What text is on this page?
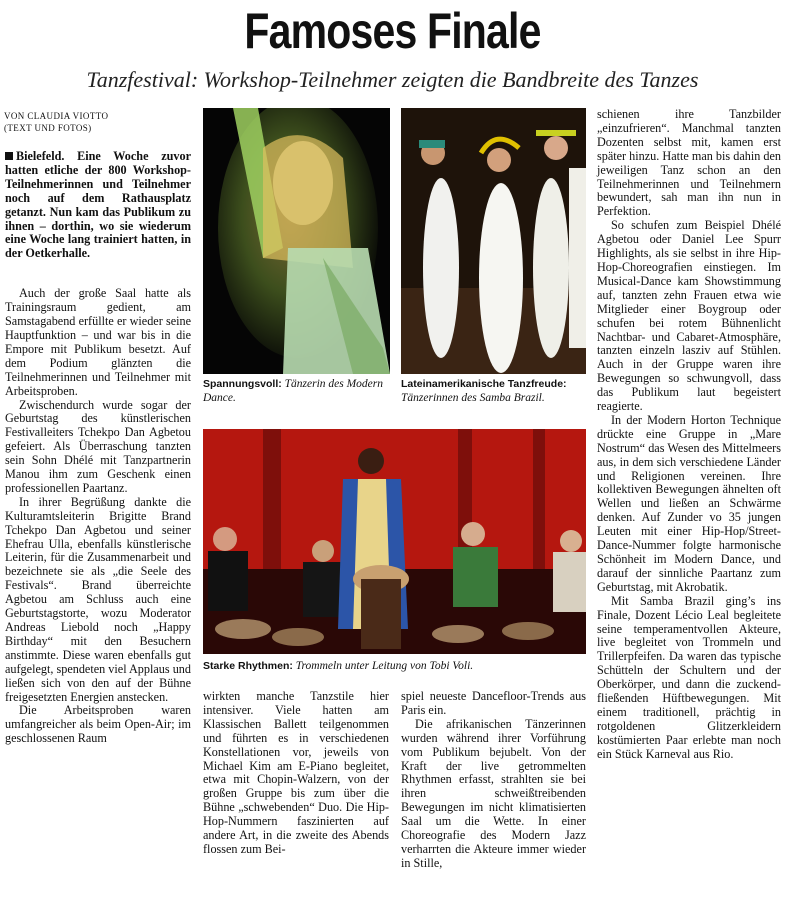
Famoses Finale
Tanzfestival: Workshop-Teilnehmer zeigten die Bandbreite des Tanzes
VON CLAUDIA VIOTTO
(TEXT UND FOTOS)

Bielefeld. Eine Woche zuvor hatten etliche der 800 Workshop-Teilnehmerinnen und Teilnehmer noch auf dem Rathausplatz getanzt. Nun kam das Publikum zu ihnen – dorthin, wo sie wiederum eine Woche lang trainiert hatten, in der Oetkerhalle.

Auch der große Saal hatte als Trainingsraum gedient, am Samstagabend erfüllte er wieder seine Hauptfunktion – und war bis in die Empore mit Publikum besetzt. Auf dem Podium glänzten die Teilnehmerinnen und Teilnehmer mit Arbeitsproben.

Zwischendurch wurde sogar der Geburtstag des künstlerischen Festivalleiters Tchekpo Dan Agbetou gefeiert. Als Überraschung tanzten sein Sohn Dhélé mit Tanzpartnerin Manou ihm zum Geschenk einen professionellen Paartanz.

In ihrer Begrüßung dankte die Kulturamtsleiterin Brigitte Brand Tchekpo Dan Agbetou und seiner Ehefrau Ulla, ebenfalls künstlerische Leiterin, für die Zusammenarbeit und bezeichnete sie als „die Seele des Festivals“. Brand überreichte Agbetou am Schluss auch eine Geburtstagstorte, wozu Moderator Andreas Liebold noch „Happy Birthday“ mit den Besuchern anstimmte. Diese waren ebenfalls gut aufgelegt, spendeten viel Applaus und ließen sich von den auf der Bühne freigesetzten Energien anstecken.

Die Arbeitsproben waren umfangreicher als beim Open-Air; im geschlossenen Raum

Spannungsvoll: Tänzerin des Modern Dance.
Lateinamerikanische Tanzfreude: Tänzerinnen des Samba Brazil.
Starke Rhythmen: Trommeln unter Leitung von Tobi Voli.

wirkten manche Tanzstile hier intensiver. Viele hatten am Klassischen Ballett teilgenommen und führten es in verschiedenen Konstellationen vor, jeweils von Michael Kim am E-Piano begleitet, etwa mit Chopin-Walzern, von der großen Gruppe bis zum über die Bühne „schwebenden“ Duo. Die Hip-Hop-Nummern faszinierten auf andere Art, in die zweite des Abends flossen zum Bei-

spiel neueste Dancefloor-Trends aus Paris ein.

Die afrikanischen Tänzerinnen wurden während ihrer Vorführung vom Publikum bejubelt. Von der Kraft der live getrommelten Rhythmen erfasst, strahlten sie bei ihren schweißtreibenden Bewegungen im nicht klimatisierten Saal um die Wette. In einer Choreografie des Modern Jazz verharrten die Akteure immer wieder in Stille,

schienen ihre Tanzbilder „einzufrieren“. Manchmal tanzten Dozenten selbst mit, kamen erst später hinzu. Hatte man bis dahin den jeweiligen Tanz schon an den Teilnehmerinnen und Teilnehmern bewundert, sah man ihn nun in Perfektion.

So schufen zum Beispiel Dhélé Agbetou oder Daniel Lee Spurr Highlights, als sie selbst in ihre Hip-Hop-Choreografien einstiegen. Im Musical-Dance kam Showstimmung auf, tanzten zehn Frauen etwa wie Mitglieder einer Boygroup oder schufen bei rotem Bühnenlicht Nachtbar- und Cabaret-Atmosphäre, tanzten einzeln lasziv auf Stühlen. Auch in der Gruppe waren ihre Bewegungen so schwungvoll, dass das Publikum laut begeistert reagierte.

In der Modern Horton Technique drückte eine Gruppe in „Mare Nostrum“ das Wesen des Mittelmeers aus, in dem sich verschiedene Länder und Religionen vereinen. Ihre kollektiven Bewegungen ähnelten oft Wellen und ließen an Schwärme denken. Auf Zunder vo 35 jungen Leuten mit einer Hip-Hop/Street-Dance-Nummer folgte harmonische Schönheit im Modern Dance, und darauf der sinnliche Paartanz zum Geburtstag, mit Akrobatik.

Mit Samba Brazil ging’s ins Finale, Dozent Lécio Leal begleitete seine temperamentvollen Akteure, live begleitet von Trommeln und Trillerpfeifen. Da waren das typische Schütteln der Schultern und der Oberkörper, und dann die zuckend-fließenden Hüftbewegungen. Mit einem traditionell, prächtig in rotgoldenen Glitzerkleidern kostümierten Paar erlebte man noch ein Stück Karneval aus Rio.
